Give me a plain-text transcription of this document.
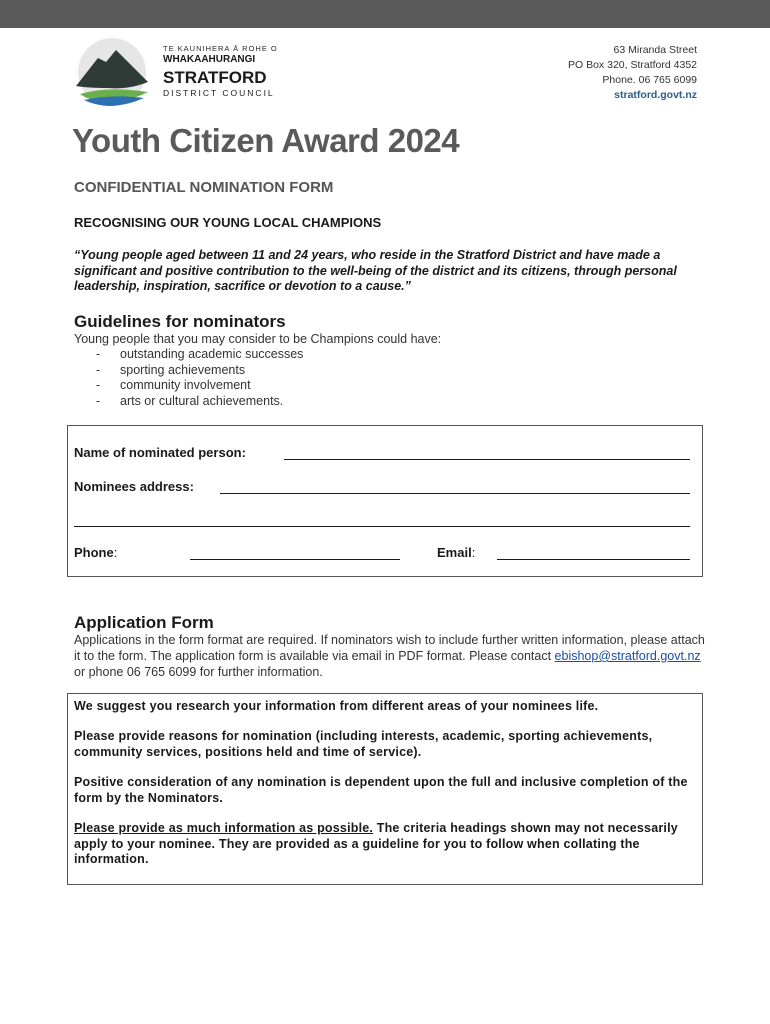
TE KAUNIHERA Ā ROHE O
WHAKAAHURANGI
STRATFORD
DISTRICT COUNCIL
63 Miranda Street
PO Box 320, Stratford 4352
Phone. 06 765 6099
stratford.govt.nz
Youth Citizen Award 2024
CONFIDENTIAL NOMINATION FORM
RECOGNISING OUR YOUNG LOCAL CHAMPIONS
“Young people aged between 11 and 24 years, who reside in the Stratford District and have made a significant and positive contribution to the well-being of the district and its citizens, through personal leadership, inspiration, sacrifice or devotion to a cause.”
Guidelines for nominators
Young people that you may consider to be Champions could have:
- outstanding academic successes
- sporting achievements
- community involvement
- arts or cultural achievements.
Name of nominated person:
Nominees address:
Phone:	Email:
Application Form
Applications in the form format are required. If nominators wish to include further written information, please attach it to the form. The application form is available via email in PDF format. Please contact ebishop@stratford.govt.nz or phone 06 765 6099 for further information.

We suggest you research your information from different areas of your nominees life.

Please provide reasons for nomination (including interests, academic, sporting achievements, community services, positions held and time of service).

Positive consideration of any nomination is dependent upon the full and inclusive completion of the form by the Nominators.

Please provide as much information as possible. The criteria headings shown may not necessarily apply to your nominee. They are provided as a guideline for you to follow when collating the information.
